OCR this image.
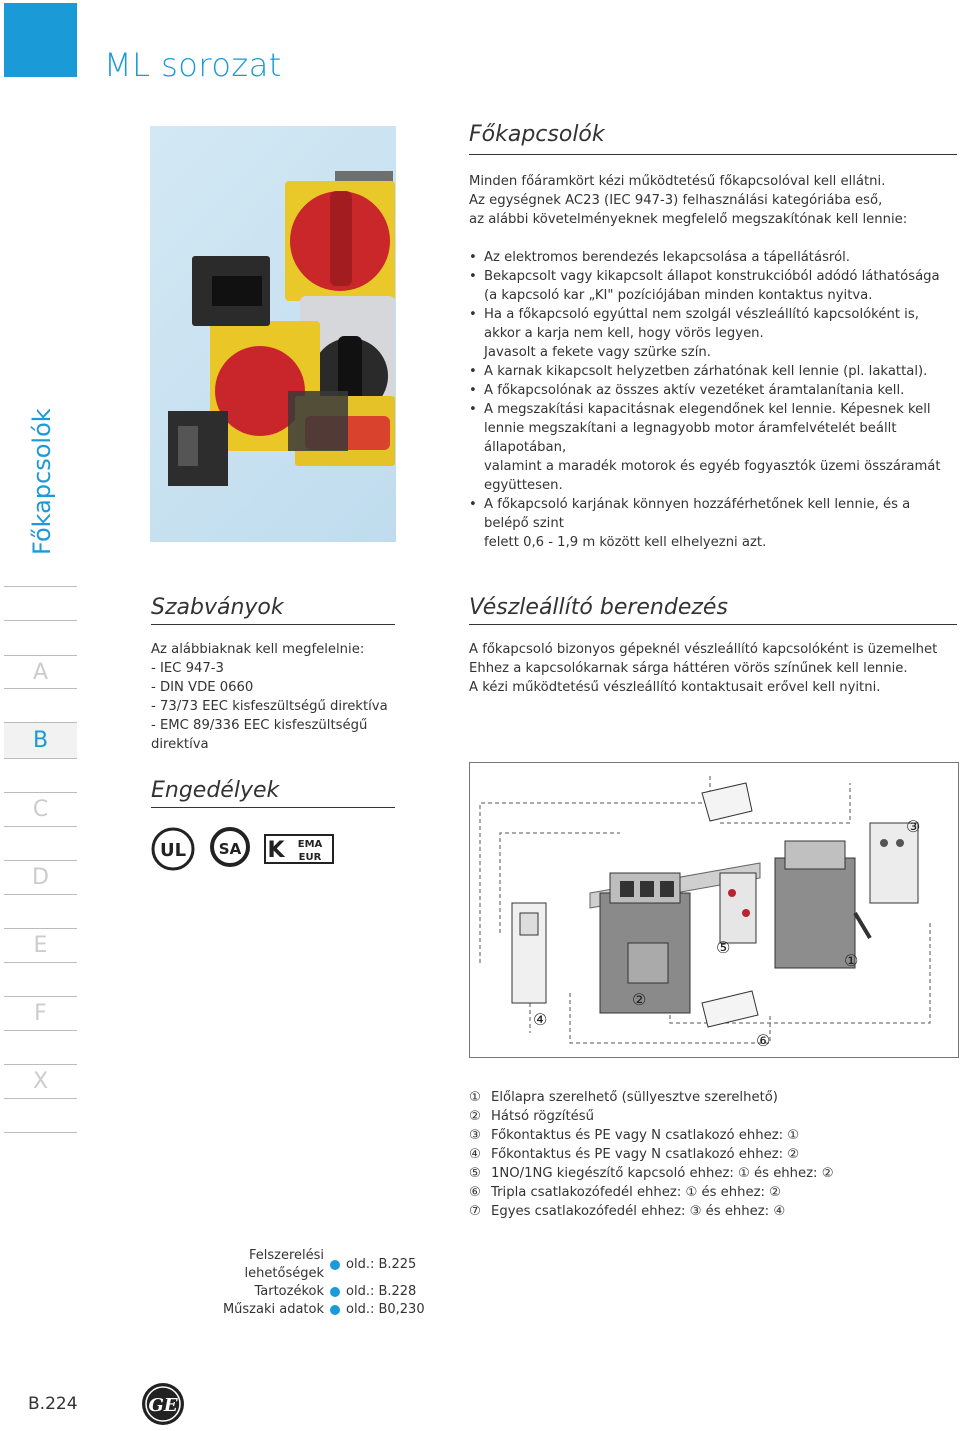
ML sorozat
Főkapcsolók
A
B
C
D
E
F
X
Főkapcsolók
Minden főáramkört kézi működtetésű főkapcsolóval kell ellátni.
Az egységnek AC23 (IEC 947-3) felhasználási kategóriába eső,
az alábbi követelményeknek megfelelő megszakítónak kell lennie:
• Az elektromos berendezés lekapcsolása a tápellátásról.
• Bekapcsolt vagy kikapcsolt állapot konstrukcióból adódó láthatósága
(a kapcsoló kar „KI" pozíciójában minden kontaktus nyitva.
• Ha a főkapcsoló egyúttal nem szolgál vészleállító kapcsolóként is,
akkor a karja nem kell, hogy vörös legyen.
Javasolt a fekete vagy szürke szín.
• A karnak kikapcsolt helyzetben zárhatónak kell lennie (pl. lakattal).
• A főkapcsolónak az összes aktív vezetéket áramtalanítania kell.
• A megszakítási kapacitásnak elegendőnek kel lennie. Képesnek kell
lennie megszakítani a legnagyobb motor áramfelvételét beállt állapotában,
valamint a maradék motorok és egyéb fogyasztók üzemi összáramát
együttesen.
• A főkapcsoló karjának könnyen hozzáférhetőnek kell lennie, és a belépő szint
felett 0,6 - 1,9 m között kell elhelyezni azt.
Szabványok
Az alábbiaknak kell megfelelnie:
- IEC 947-3
- DIN VDE 0660
- 73/73 EEC kisfeszültségű direktíva
- EMC 89/336 EEC kisfeszültségű direktíva
Engedélyek
UL SA K EMA
EUR
Vészleállító berendezés
A főkapcsoló bizonyos gépeknél vészleállító kapcsolóként is üzemelhet
Ehhez a kapcsolókarnak sárga háttéren vörös színűnek kell lennie.
A kézi működtetésű vészleállító kontaktusait erővel kell nyitni.
③
①
⑤
②
④
⑥
① Előlapra szerelhető (süllyesztve szerelhető)
② Hátsó rögzítésű
③ Főkontaktus és PE vagy N csatlakozó ehhez: ①
④ Főkontaktus és PE vagy N csatlakozó ehhez: ②
⑤ 1NO/1NG kiegészítő kapcsoló ehhez: ① és ehhez: ②
⑥ Tripla csatlakozófedél ehhez: ① és ehhez: ②
⑦ Egyes csatlakozófedél ehhez: ③ és ehhez: ④
Felszerelési lehetőségek
old.: B.225
Tartozékok	old.: B.228
Műszaki adatok	old.: B0,230
B.224	GE
